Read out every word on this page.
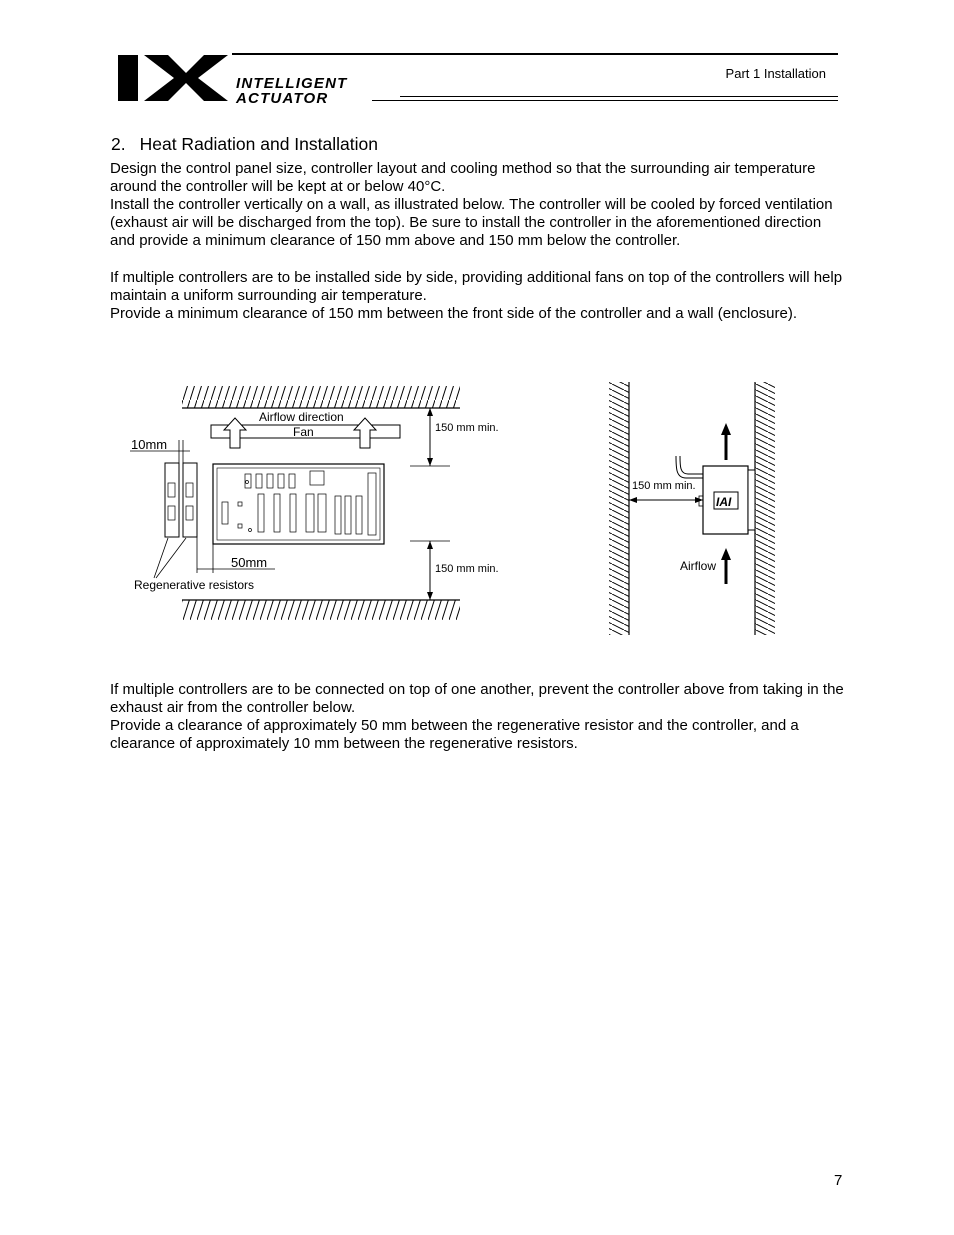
INTELLIGENT
ACTUATOR
Part 1 Installation
2. Heat Radiation and Installation
Design the control panel size, controller layout and cooling method so that the surrounding air temperature around the controller will be kept at or below 40°C.
Install the controller vertically on a wall, as illustrated below. The controller will be cooled by forced ventilation (exhaust air will be discharged from the top). Be sure to install the controller in the aforementioned direction and provide a minimum clearance of 150 mm above and 150 mm below the controller.
If multiple controllers are to be installed side by side, providing additional fans on top of the controllers will help maintain a uniform surrounding air temperature.
Provide a minimum clearance of 150 mm between the front side of the controller and a wall (enclosure).
Airflow direction
Fan	150 mm min.
150 mm min.
10mm
50mm
Regenerative resistors
IAI
150 mm min.
Airflow
If multiple controllers are to be connected on top of one another, prevent the controller above from taking in the exhaust air from the controller below.
Provide a clearance of approximately 50 mm between the regenerative resistor and the controller, and a clearance of approximately 10 mm between the regenerative resistors.
7
